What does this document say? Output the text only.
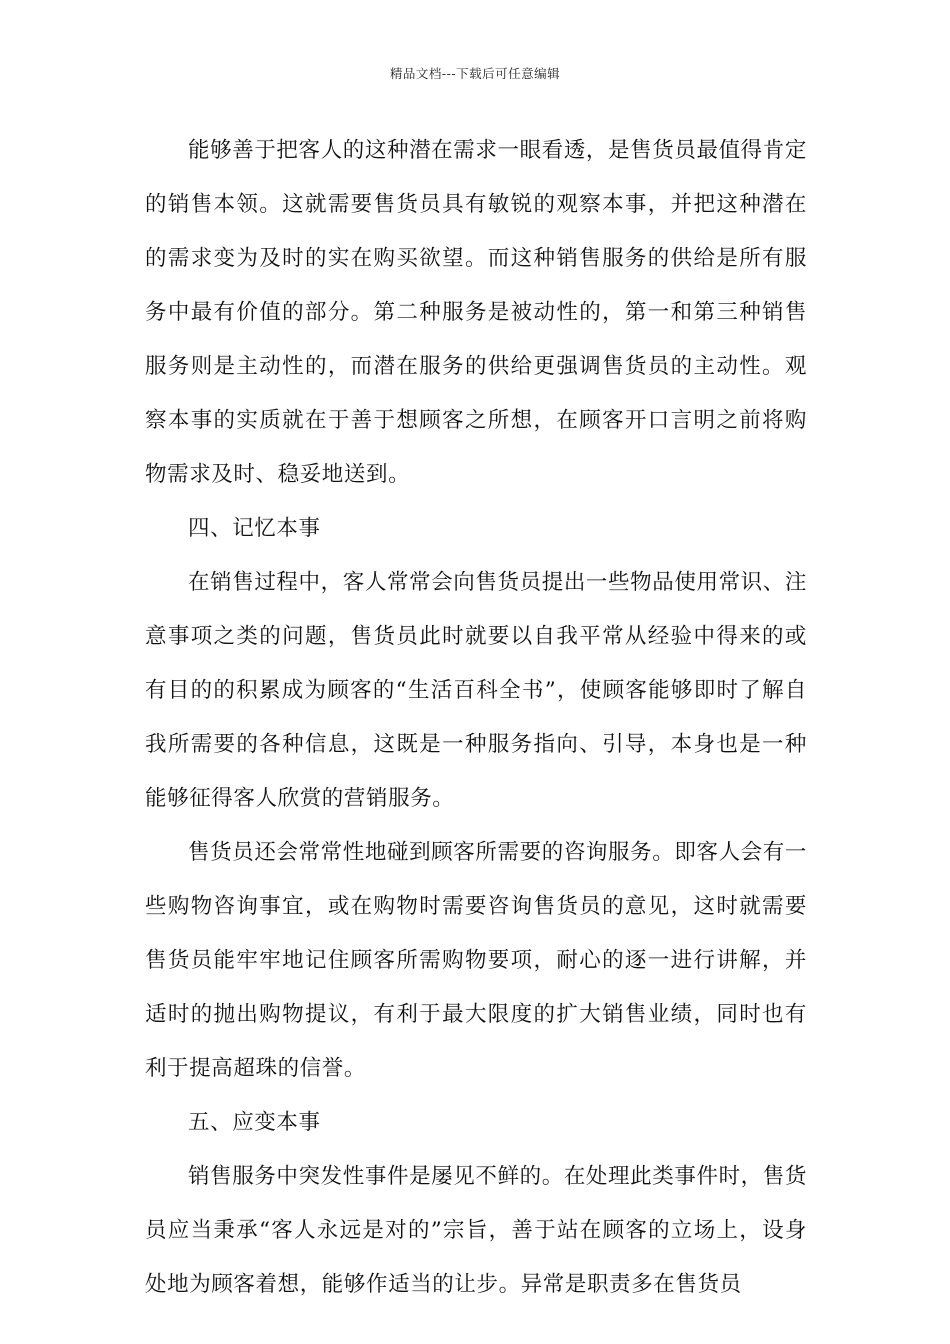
精品文档---下载后可任意编辑

能够善于把客人的这种潜在需求一眼看透，是售货员最值得肯定的销售本领。这就需要售货员具有敏锐的观察本事，并把这种潜在的需求变为及时的实在购买欲望。而这种销售服务的供给是所有服务中最有价值的部分。第二种服务是被动性的，第一和第三种销售服务则是主动性的，而潜在服务的供给更强调售货员的主动性。观察本事的实质就在于善于想顾客之所想，在顾客开口言明之前将购物需求及时、稳妥地送到。

四、记忆本事

在销售过程中，客人常常会向售货员提出一些物品使用常识、注意事项之类的问题，售货员此时就要以自我平常从经验中得来的或有目的的积累成为顾客的“生活百科全书”，使顾客能够即时了解自我所需要的各种信息，这既是一种服务指向、引导，本身也是一种能够征得客人欣赏的营销服务。

售货员还会常常性地碰到顾客所需要的咨询服务。即客人会有一些购物咨询事宜，或在购物时需要咨询售货员的意见，这时就需要售货员能牢牢地记住顾客所需购物要项，耐心的逐一进行讲解，并适时的抛出购物提议，有利于最大限度的扩大销售业绩，同时也有利于提高超珠的信誉。

五、应变本事

销售服务中突发性事件是屡见不鲜的。在处理此类事件时，售货员应当秉承“客人永远是对的”宗旨，善于站在顾客的立场上，设身处地为顾客着想，能够作适当的让步。异常是职责多在售货员
